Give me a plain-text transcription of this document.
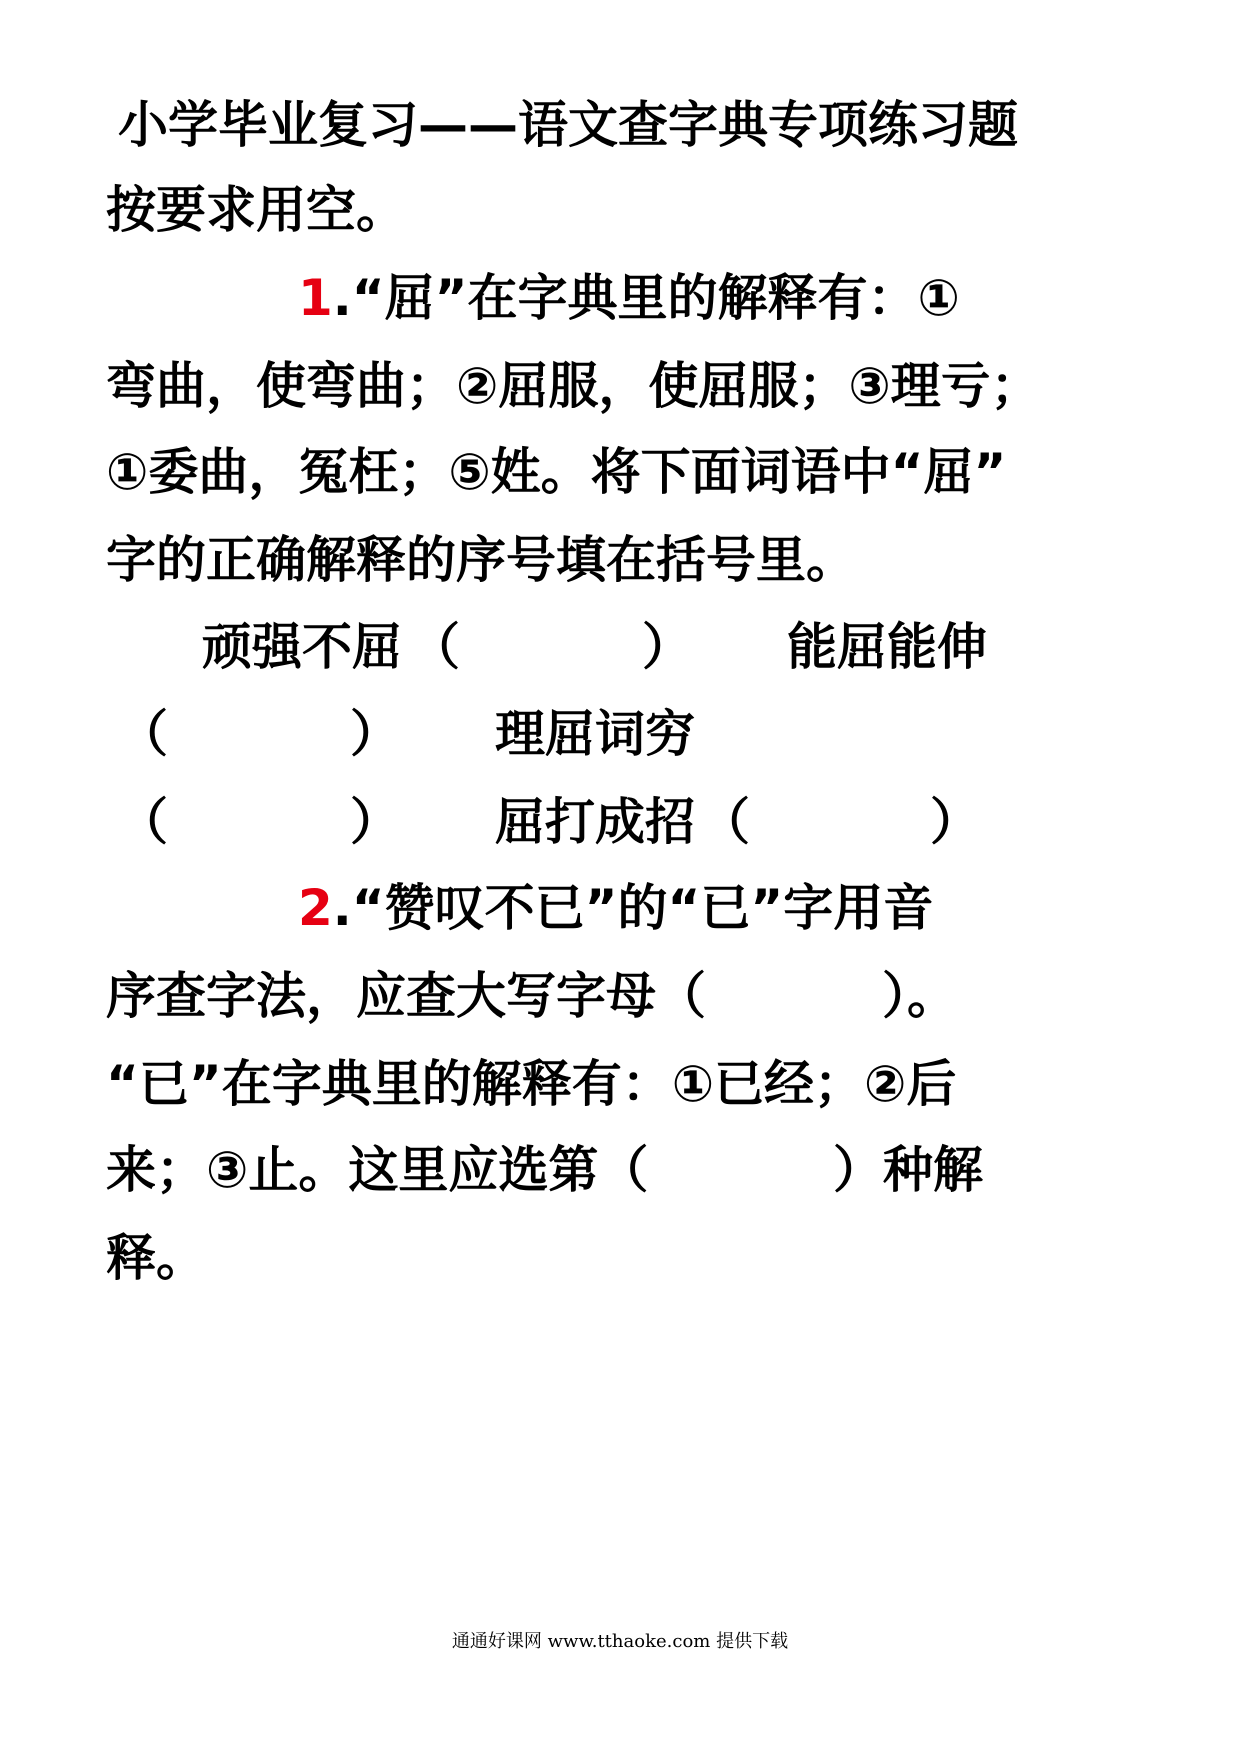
小学毕业复习——语文查字典专项练习题
按要求用空。
1.“屈”在字典里的解释有：①
弯曲，使弯曲；②屈服，使屈服；③理亏；
①委曲，冤枉；⑤姓。将下面词语中“屈”
字的正确解释的序号填在括号里。
顽强不屈 （	） 能屈能伸
（	） 理屈词穷
（	） 屈打成招 （	）
2.“赞叹不已”的“已”字用音
序查字法，应查大写字母（	）。
“已”在字典里的解释有：①已经；②后
来；③止。这里应选第（	）种解
释。
通通好课网 www.tthaoke.com 提供下载
